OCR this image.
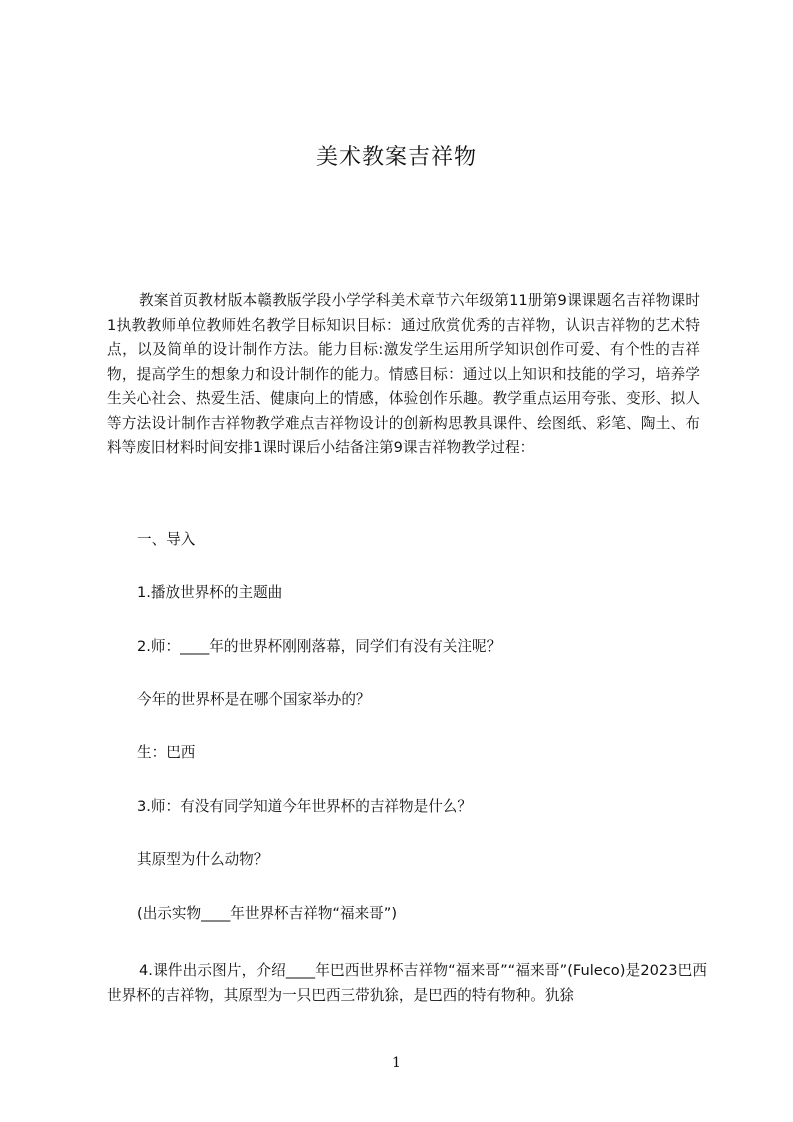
美术教案吉祥物

教案首页教材版本赣教版学段小学学科美术章节六年级第11册第9课课题名吉祥物课时1执教教师单位教师姓名教学目标知识目标：通过欣赏优秀的吉祥物，认识吉祥物的艺术特点，以及简单的设计制作方法。能力目标:激发学生运用所学知识创作可爱、有个性的吉祥物，提高学生的想象力和设计制作的能力。情感目标：通过以上知识和技能的学习，培养学生关心社会、热爱生活、健康向上的情感，体验创作乐趣。教学重点运用夸张、变形、拟人等方法设计制作吉祥物教学难点吉祥物设计的创新构思教具课件、绘图纸、彩笔、陶土、布料等废旧材料时间安排1课时课后小结备注第9课吉祥物教学过程：

一、导入

1.播放世界杯的主题曲

2.师：____年的世界杯刚刚落幕，同学们有没有关注呢？

今年的世界杯是在哪个国家举办的？

生：巴西

3.师：有没有同学知道今年世界杯的吉祥物是什么？

其原型为什么动物？

(出示实物____年世界杯吉祥物“福来哥”)

4.课件出示图片，介绍____年巴西世界杯吉祥物“福来哥”“福来哥”(Fuleco)是2023巴西世界杯的吉祥物，其原型为一只巴西三带犰狳，是巴西的特有物种。犰狳

1
